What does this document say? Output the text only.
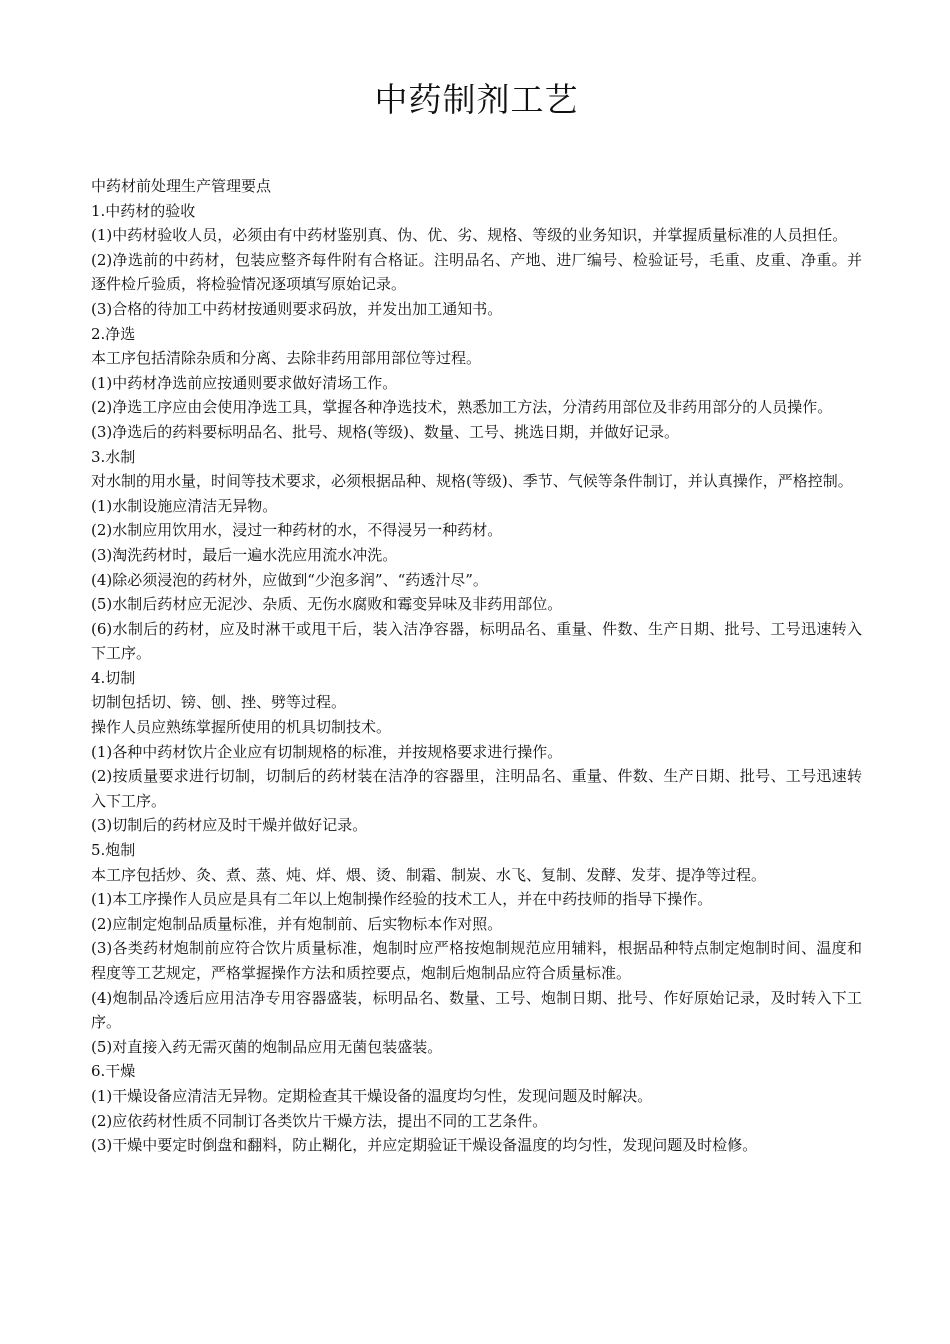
中药制剂工艺

中药材前处理生产管理要点

1.中药材的验收

(1)中药材验收人员，必须由有中药材鉴别真、伪、优、劣、规格、等级的业务知识，并掌握质量标准的人员担任。

(2)净选前的中药材，包装应整齐每件附有合格证。注明品名、产地、进厂编号、检验证号，毛重、皮重、净重。并逐件检斤验质，将检验情况逐项填写原始记录。

(3)合格的待加工中药材按通则要求码放，并发出加工通知书。

2.净选

本工序包括清除杂质和分离、去除非药用部用部位等过程。

(1)中药材净选前应按通则要求做好清场工作。

(2)净选工序应由会使用净选工具，掌握各种净选技术，熟悉加工方法，分清药用部位及非药用部分的人员操作。

(3)净选后的药料要标明品名、批号、规格(等级)、数量、工号、挑选日期，并做好记录。

3.水制

对水制的用水量，时间等技术要求，必须根据品种、规格(等级)、季节、气候等条件制订，并认真操作，严格控制。

(1)水制设施应清洁无异物。

(2)水制应用饮用水，浸过一种药材的水，不得浸另一种药材。

(3)淘洗药材时，最后一遍水洗应用流水冲洗。

(4)除必须浸泡的药材外，应做到“少泡多润”、“药透汁尽”。

(5)水制后药材应无泥沙、杂质、无伤水腐败和霉变异味及非药用部位。

(6)水制后的药材，应及时淋干或甩干后，装入洁净容器，标明品名、重量、件数、生产日期、批号、工号迅速转入下工序。

4.切制

切制包括切、镑、刨、挫、劈等过程。

操作人员应熟练掌握所使用的机具切制技术。

(1)各种中药材饮片企业应有切制规格的标准，并按规格要求进行操作。

(2)按质量要求进行切制，切制后的药材装在洁净的容器里，注明品名、重量、件数、生产日期、批号、工号迅速转入下工序。

(3)切制后的药材应及时干燥并做好记录。

5.炮制

本工序包括炒、灸、煮、蒸、炖、烊、煨、烫、制霜、制炭、水飞、复制、发酵、发芽、提净等过程。

(1)本工序操作人员应是具有二年以上炮制操作经验的技术工人，并在中药技师的指导下操作。

(2)应制定炮制品质量标准，并有炮制前、后实物标本作对照。

(3)各类药材炮制前应符合饮片质量标准，炮制时应严格按炮制规范应用辅料，根据品种特点制定炮制时间、温度和程度等工艺规定，严格掌握操作方法和质控要点，炮制后炮制品应符合质量标准。

(4)炮制品冷透后应用洁净专用容器盛装，标明品名、数量、工号、炮制日期、批号、作好原始记录，及时转入下工序。

(5)对直接入药无需灭菌的炮制品应用无菌包装盛装。

6.干燥

(1)干燥设备应清洁无异物。定期检查其干燥设备的温度均匀性，发现问题及时解决。

(2)应依药材性质不同制订各类饮片干燥方法，提出不同的工艺条件。

(3)干燥中要定时倒盘和翻料，防止糊化，并应定期验证干燥设备温度的均匀性，发现问题及时检修。
